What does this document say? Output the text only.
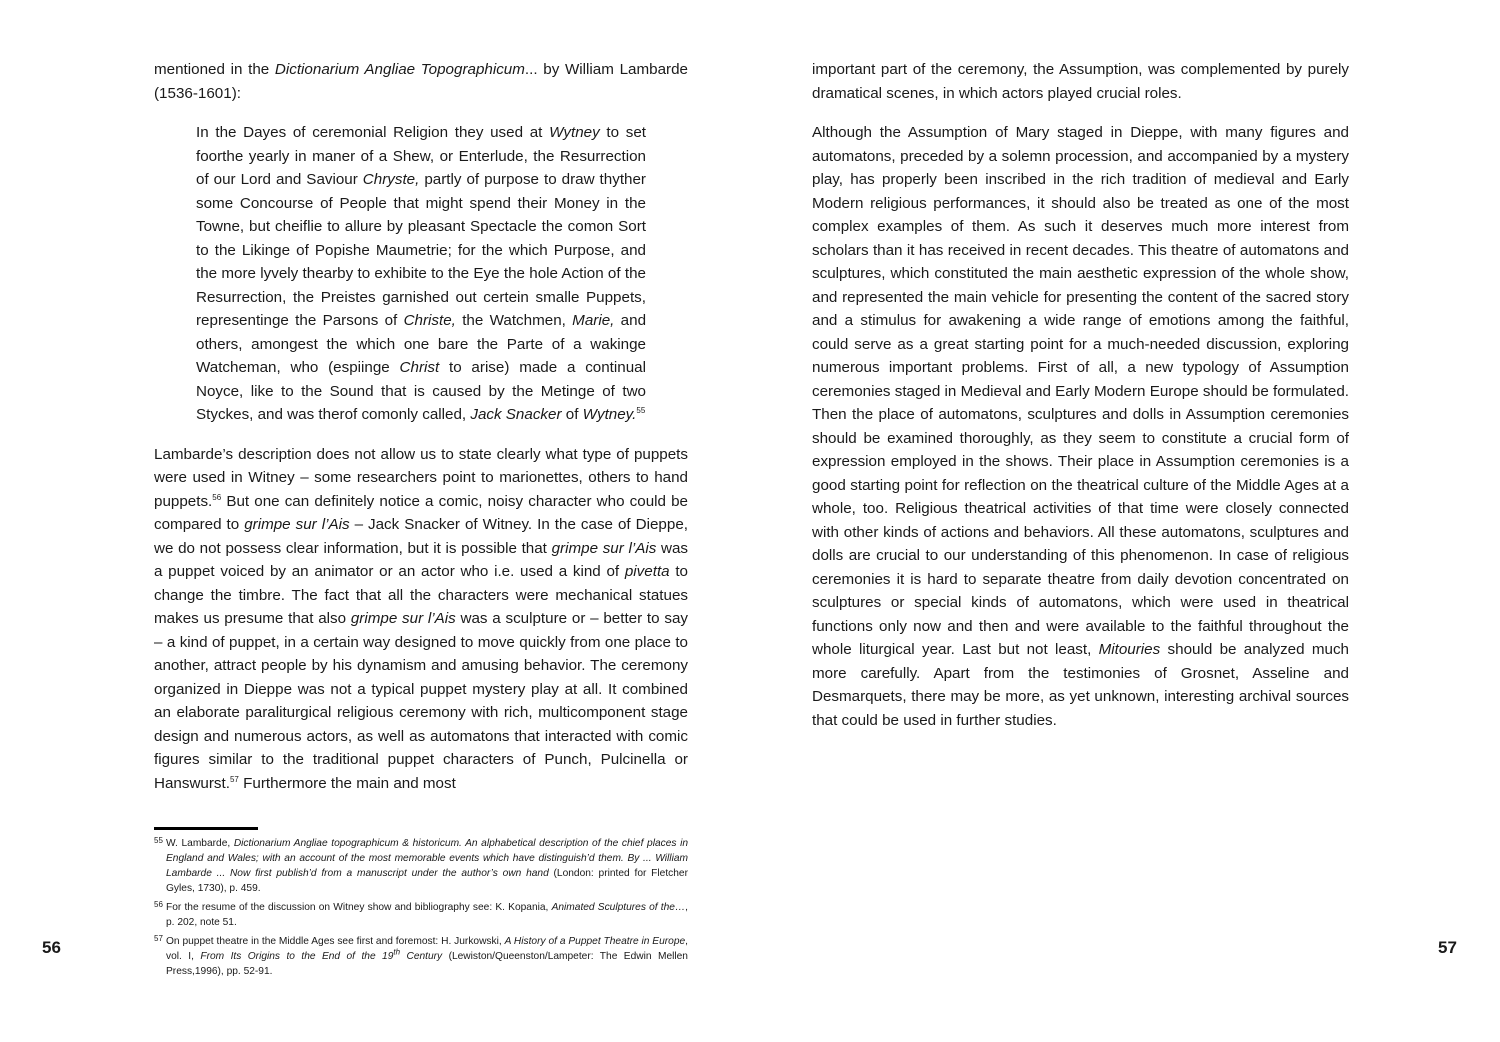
mentioned in the Dictionarium Angliae Topographicum... by William Lambarde (1536-1601):

In the Dayes of ceremonial Religion they used at Wytney to set foorthe yearly in maner of a Shew, or Enterlude, the Resurrection of our Lord and Saviour Chryste, partly of purpose to draw thyther some Concourse of People that might spend their Money in the Towne, but cheiflie to allure by pleasant Spectacle the comon Sort to the Likinge of Popishe Maumetrie; for the which Purpose, and the more lyvely thearby to exhibite to the Eye the hole Action of the Resurrection, the Preistes garnished out certein smalle Puppets, representinge the Parsons of Christe, the Watchmen, Marie, and others, amongest the which one bare the Parte of a wakinge Watcheman, who (espiinge Christ to arise) made a continual Noyce, like to the Sound that is caused by the Metinge of two Styckes, and was therof comonly called, Jack Snacker of Wytney.$^{55}$

Lambarde’s description does not allow us to state clearly what type of puppets were used in Witney – some researchers point to marionettes, others to hand puppets.$^{56}$ But one can definitely notice a comic, noisy character who could be compared to grimpe sur l’Ais – Jack Snacker of Witney. In the case of Dieppe, we do not possess clear information, but it is possible that grimpe sur l’Ais was a puppet voiced by an animator or an actor who i.e. used a kind of pivetta to change the timbre. The fact that all the characters were mechanical statues makes us presume that also grimpe sur l’Ais was a sculpture or – better to say – a kind of puppet, in a certain way designed to move quickly from one place to another, attract people by his dynamism and amusing behavior. The ceremony organized in Dieppe was not a typical puppet mystery play at all. It combined an elaborate paraliturgical religious ceremony with rich, multicomponent stage design and numerous actors, as well as automatons that interacted with comic figures similar to the traditional puppet characters of Punch, Pulcinella or Hanswurst.$^{57}$ Furthermore the main and most

55 W. Lambarde, Dictionarium Angliae topographicum & historicum. An alphabetical description of the chief places in England and Wales; with an account of the most memorable events which have distinguish’d them. By ... William Lambarde ... Now first publish’d from a manuscript under the author’s own hand (London: printed for Fletcher Gyles, 1730), p. 459.

56 For the resume of the discussion on Witney show and bibliography see: K. Kopania, Animated Sculptures of the…, p. 202, note 51.

57 On puppet theatre in the Middle Ages see first and foremost: H. Jurkowski, A History of a Puppet Theatre in Europe, vol. I, From Its Origins to the End of the 19th Century (Lewiston/Queenston/Lampeter: The Edwin Mellen Press,1996), pp. 52-91.

important part of the ceremony, the Assumption, was complemented by purely dramatical scenes, in which actors played crucial roles.

Although the Assumption of Mary staged in Dieppe, with many figures and automatons, preceded by a solemn procession, and accompanied by a mystery play, has properly been inscribed in the rich tradition of medieval and Early Modern religious performances, it should also be treated as one of the most complex examples of them. As such it deserves much more interest from scholars than it has received in recent decades. This theatre of automatons and sculptures, which constituted the main aesthetic expression of the whole show, and represented the main vehicle for presenting the content of the sacred story and a stimulus for awakening a wide range of emotions among the faithful, could serve as a great starting point for a much-needed discussion, exploring numerous important problems. First of all, a new typology of Assumption ceremonies staged in Medieval and Early Modern Europe should be formulated. Then the place of automatons, sculptures and dolls in Assumption ceremonies should be examined thoroughly, as they seem to constitute a crucial form of expression employed in the shows. Their place in Assumption ceremonies is a good starting point for reflection on the theatrical culture of the Middle Ages at a whole, too. Religious theatrical activities of that time were closely connected with other kinds of actions and behaviors. All these automatons, sculptures and dolls are crucial to our understanding of this phenomenon. In case of religious ceremonies it is hard to separate theatre from daily devotion concentrated on sculptures or special kinds of automatons, which were used in theatrical functions only now and then and were available to the faithful throughout the whole liturgical year. Last but not least, Mitouries should be analyzed much more carefully. Apart from the testimonies of Grosnet, Asseline and Desmarquets, there may be more, as yet unknown, interesting archival sources that could be used in further studies.

56	57
